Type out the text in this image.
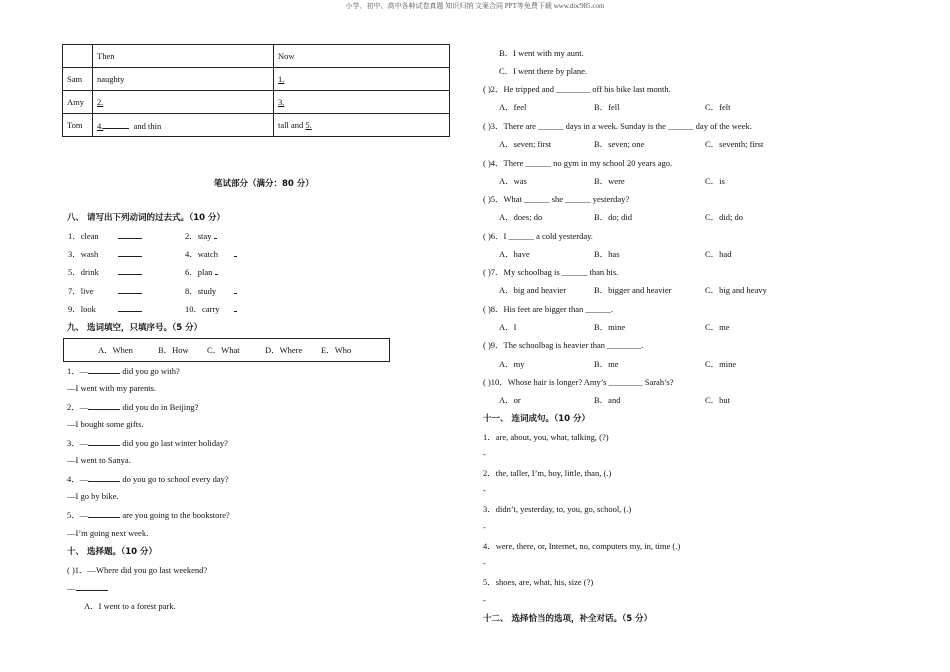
小学、初中、高中各种试卷真题 知识归纳 文案合同 PPT等免费下载 www.doc985.com
	Then	Now
Sam	naughty	1.
Amy	2.	3.
Tom	4. and thin	tall and 5.
笔试部分（满分：80 分）
八、 请写出下列动词的过去式。（10 分）
1．clean	2．stay
3．wash	4．watch
5．drink	6．plan
7．live	8．study
9．look	10．carry
九、 选词填空，只填序号。（5 分）
A．When	B．How C．What	D．Where E．Who
1．—	did you go with?
—I went with my parents.
2．—	did you do in Beijing?
—I bought some gifts.
3．—	did you go last winter holiday?
—I went to Sanya.
4．—	do you go to school every day?
—I go by bike.
5．—	are you going to the bookstore?
—I’m going next week.
十、 选择题。（10 分）
( )1．—Where did you go last weekend?
—
A．I went to a forest park.
B．I went with my aunt.
C．I went there by plane.
( )2．He tripped and ________ off his bike last month.
A．feel	B．fell	C．felt
( )3．There are ______ days in a week. Sunday is the ______ day of the week.
A．seven; first	B．seven; one	C．seventh; first
( )4．There ______ no gym in my school 20 years ago.
A．was	B．were	C．is
( )5．What ______ she ______ yesterday?
A．does; do	B．do; did	C．did; do
( )6．I ______ a cold yesterday.
A．have	B．has	C．had
( )7．My schoolbag is ______ than his.
A．big and heavier	B．bigger and heavier	C．big and heavy
( )8．His feet are bigger than ______.
A．I	B．mine	C．me
( )9．The schoolbag is heavier than ________.
A．my	B．me	C．mine
( )10．Whose hair is longer? Amy’s ________ Sarah’s?
A．or	B．and	C．but
十一、 连词成句。（10 分）
1．are, about, you, what, talking, (?)
-
2．the, taller, I’m, boy, little, than, (.)
-
3．didn’t, yesterday, to, you, go, school, (.)
-
4．were, there, or, Internet, no, computers my, in, time (.)
-
5．shoes, are, what, his, size (?)
-
十二、 选择恰当的选项，补全对话。（5 分）
